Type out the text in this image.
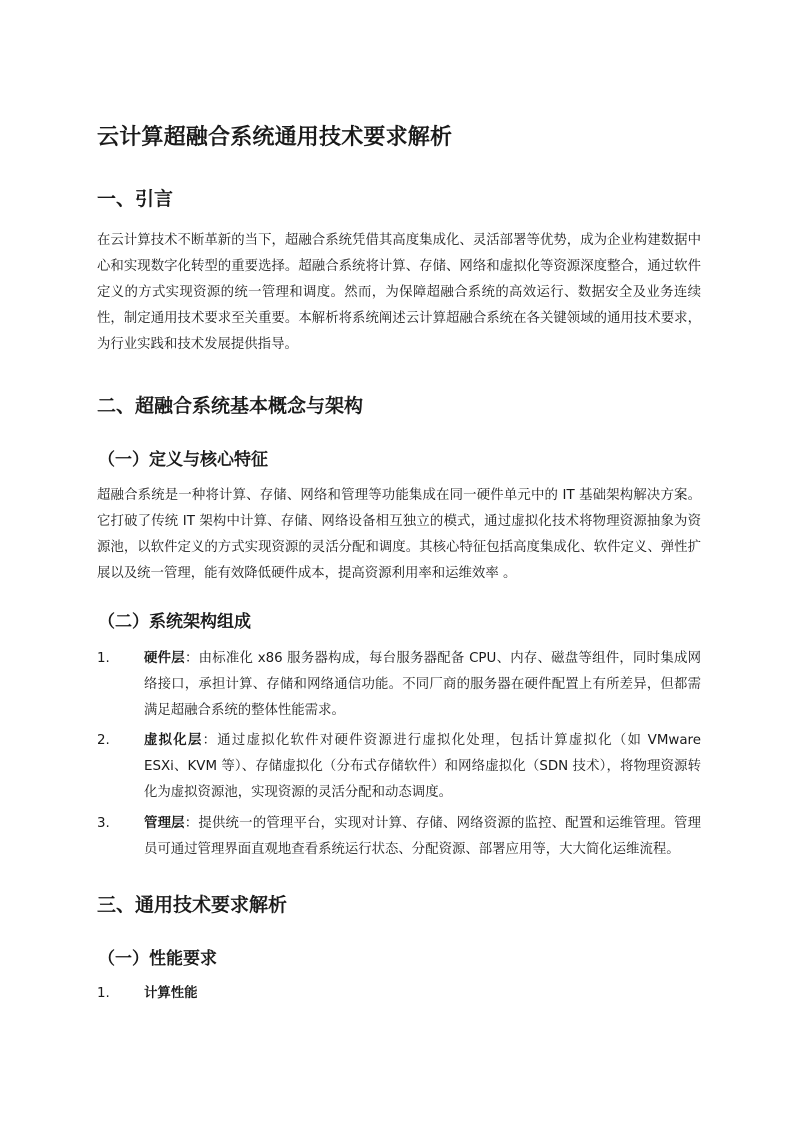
云计算超融合系统通用技术要求解析
一、引言

在云计算技术不断革新的当下，超融合系统凭借其高度集成化、灵活部署等优势，成为企业构建数据中心和实现数字化转型的重要选择。超融合系统将计算、存储、网络和虚拟化等资源深度整合，通过软件定义的方式实现资源的统一管理和调度。然而，为保障超融合系统的高效运行、数据安全及业务连续性，制定通用技术要求至关重要。本解析将系统阐述云计算超融合系统在各关键领域的通用技术要求，为行业实践和技术发展提供指导。

二、超融合系统基本概念与架构
（一）定义与核心特征

超融合系统是一种将计算、存储、网络和管理等功能集成在同一硬件单元中的 IT 基础架构解决方案。它打破了传统 IT 架构中计算、存储、网络设备相互独立的模式，通过虚拟化技术将物理资源抽象为资源池，以软件定义的方式实现资源的灵活分配和调度。其核心特征包括高度集成化、软件定义、弹性扩展以及统一管理，能有效降低硬件成本，提高资源利用率和运维效率 。

（二）系统架构组成
1.	硬件层：由标准化 x86 服务器构成，每台服务器配备 CPU、内存、磁盘等组件，同时集成网络接口，承担计算、存储和网络通信功能。不同厂商的服务器在硬件配置上有所差异，但都需满足超融合系统的整体性能需求。
2.	虚拟化层：通过虚拟化软件对硬件资源进行虚拟化处理，包括计算虚拟化（如 VMware ESXi、KVM 等）、存储虚拟化（分布式存储软件）和网络虚拟化（SDN 技术），将物理资源转化为虚拟资源池，实现资源的灵活分配和动态调度。
3.	管理层：提供统一的管理平台，实现对计算、存储、网络资源的监控、配置和运维管理。管理员可通过管理界面直观地查看系统运行状态、分配资源、部署应用等，大大简化运维流程。
三、通用技术要求解析
（一）性能要求
1.	计算性能
